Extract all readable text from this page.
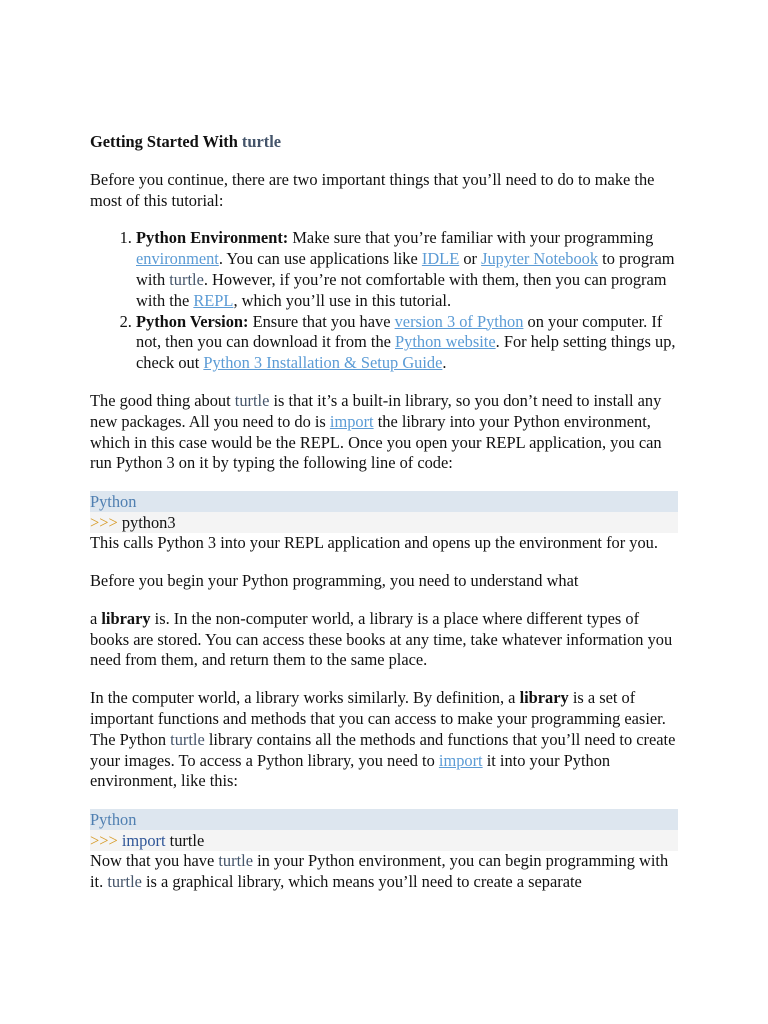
Getting Started With turtle

Before you continue, there are two important things that you’ll need to do to make the most of this tutorial:

1. Python Environment: Make sure that you’re familiar with your programming environment. You can use applications like IDLE or Jupyter Notebook to program with turtle. However, if you’re not comfortable with them, then you can program with the REPL, which you’ll use in this tutorial.
2. Python Version: Ensure that you have version 3 of Python on your computer. If not, then you can download it from the Python website. For help setting things up, check out Python 3 Installation & Setup Guide.

The good thing about turtle is that it’s a built-in library, so you don’t need to install any new packages. All you need to do is import the library into your Python environment, which in this case would be the REPL. Once you open your REPL application, you can run Python 3 on it by typing the following line of code:

Python
>>> python3

This calls Python 3 into your REPL application and opens up the environment for you.

Before you begin your Python programming, you need to understand what

a library is. In the non-computer world, a library is a place where different types of books are stored. You can access these books at any time, take whatever information you need from them, and return them to the same place.

In the computer world, a library works similarly. By definition, a library is a set of important functions and methods that you can access to make your programming easier. The Python turtle library contains all the methods and functions that you’ll need to create your images. To access a Python library, you need to import it into your Python environment, like this:

Python
>>> import turtle

Now that you have turtle in your Python environment, you can begin programming with it. turtle is a graphical library, which means you’ll need to create a separate
